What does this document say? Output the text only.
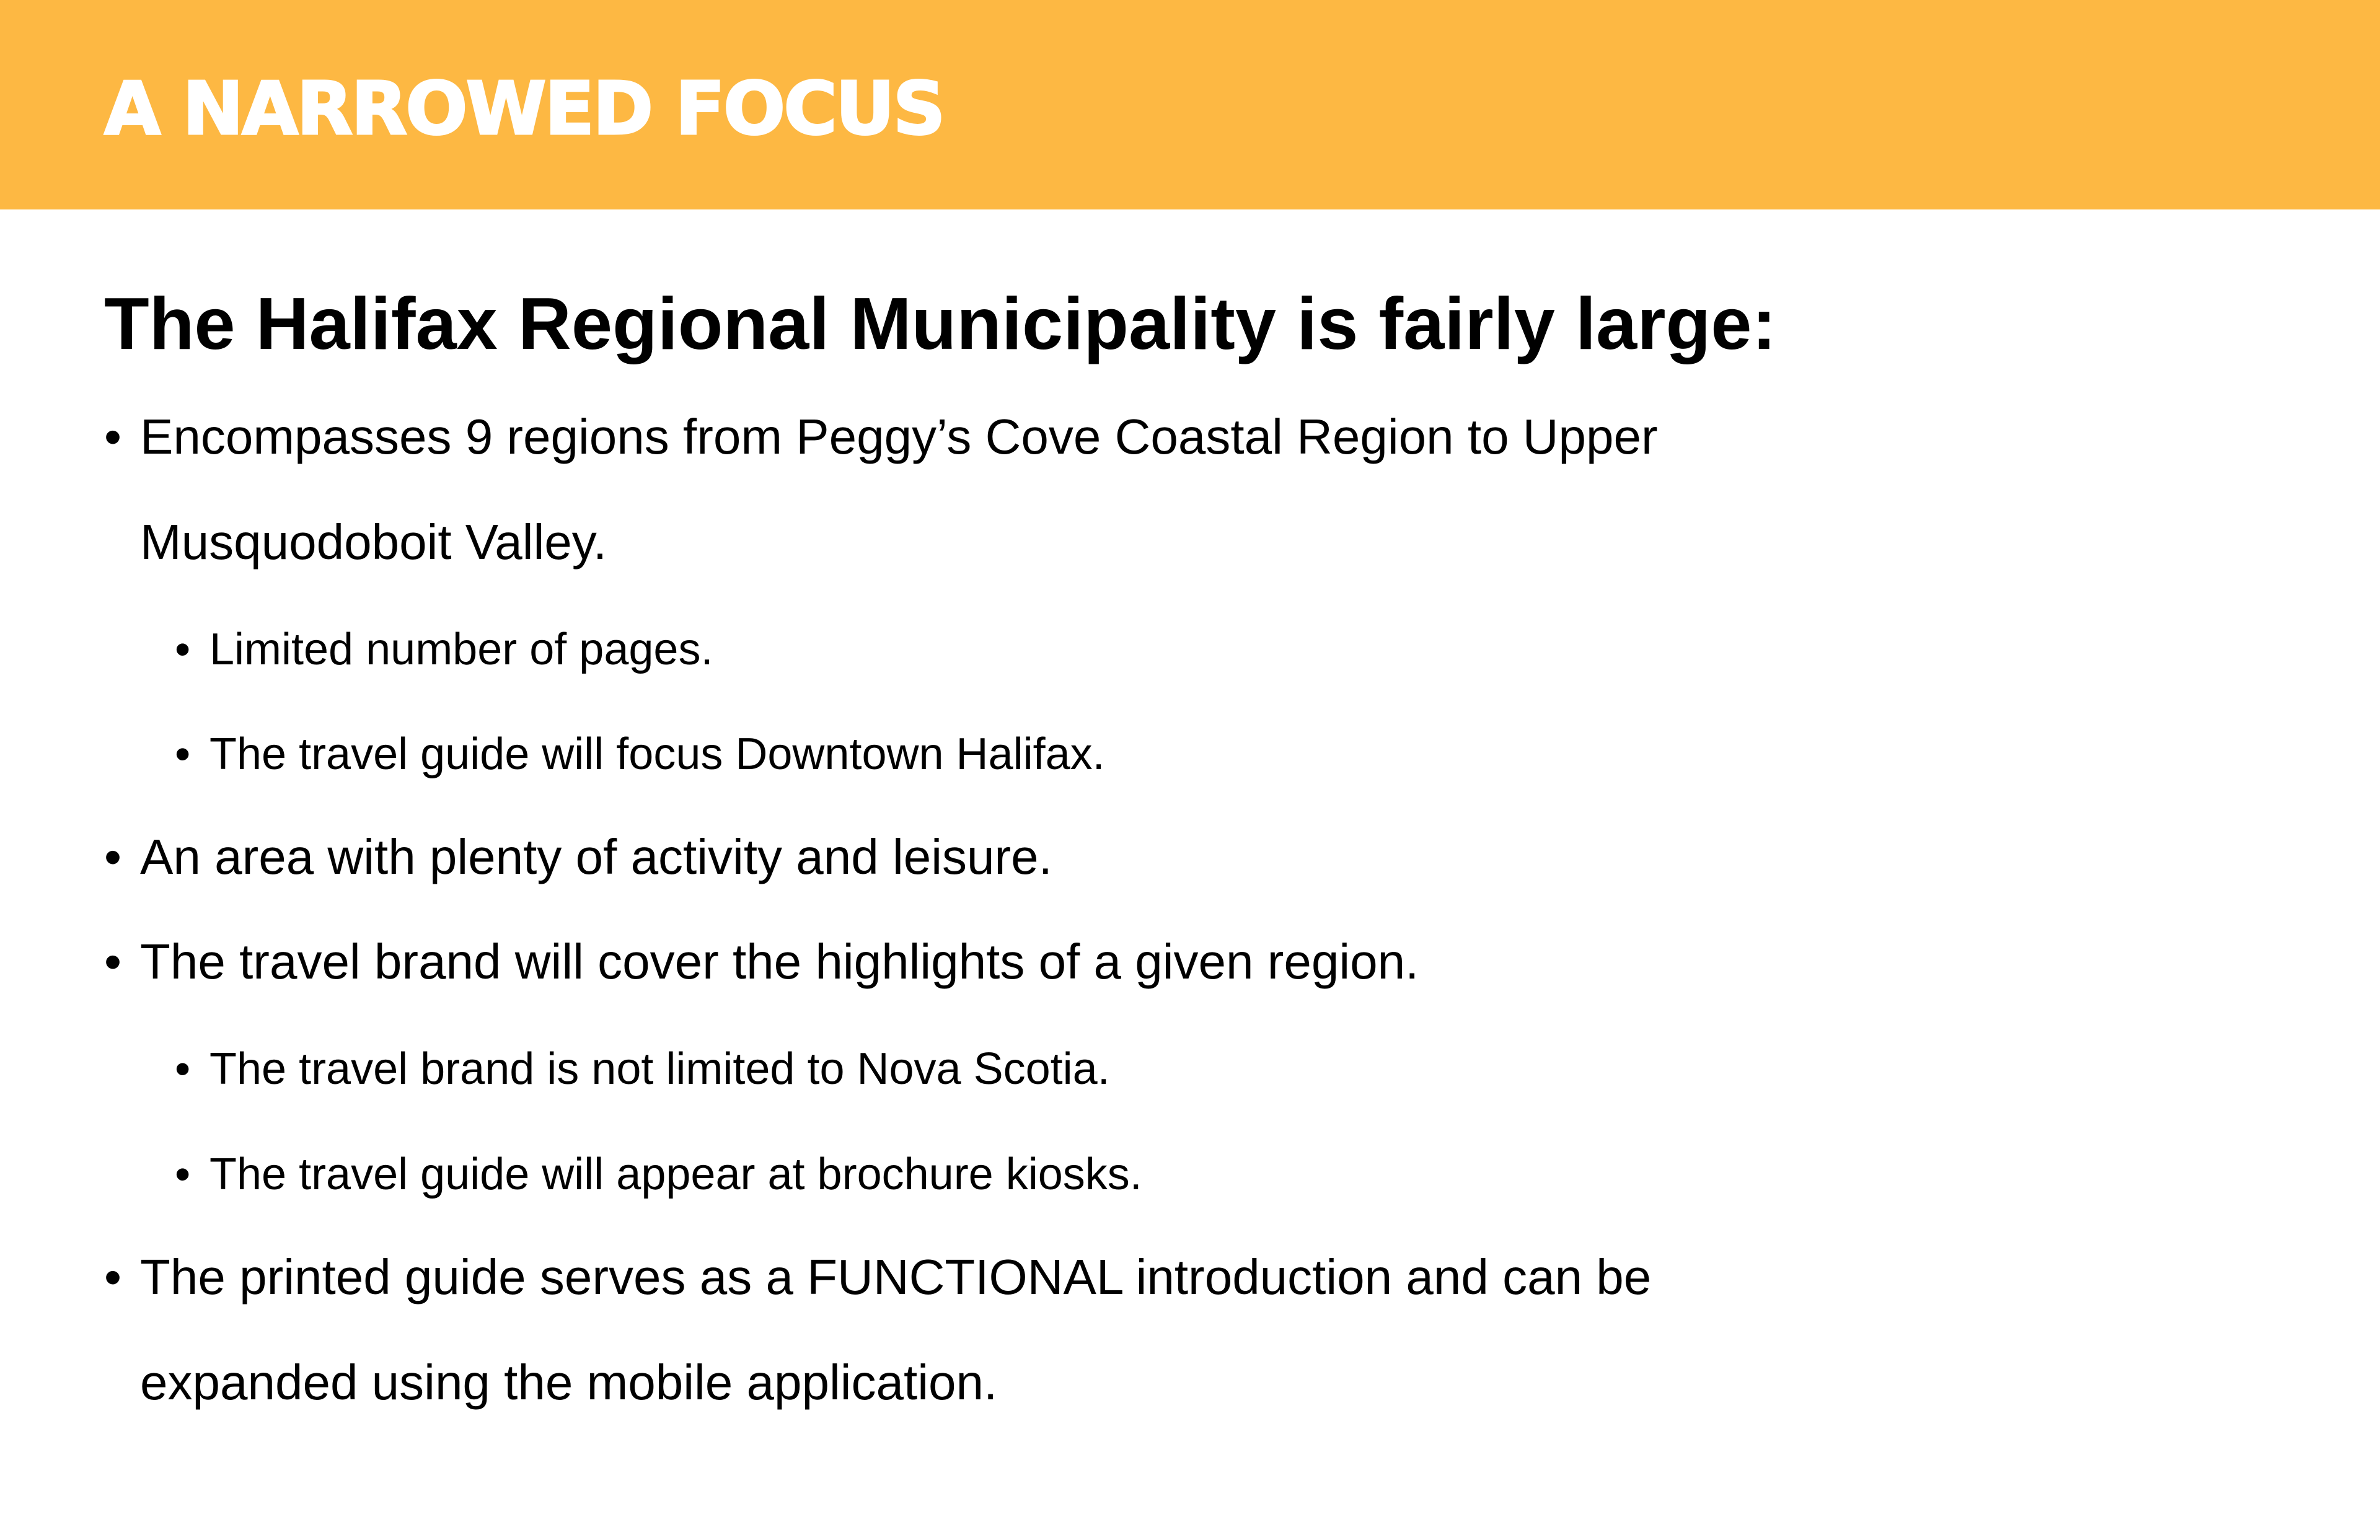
A NARROWED FOCUS
The Halifax Regional Municipality is fairly large:
• Encompasses 9 regions from Peggy’s Cove Coastal Region to Upper

Musquodoboit Valley.

• Limited number of pages.

• The travel guide will focus Downtown Halifax.

• An area with plenty of activity and leisure.

• The travel brand will cover the highlights of a given region.

• The travel brand is not limited to Nova Scotia.

• The travel guide will appear at brochure kiosks.

• The printed guide serves as a FUNCTIONAL introduction and can be

expanded using the mobile application.
